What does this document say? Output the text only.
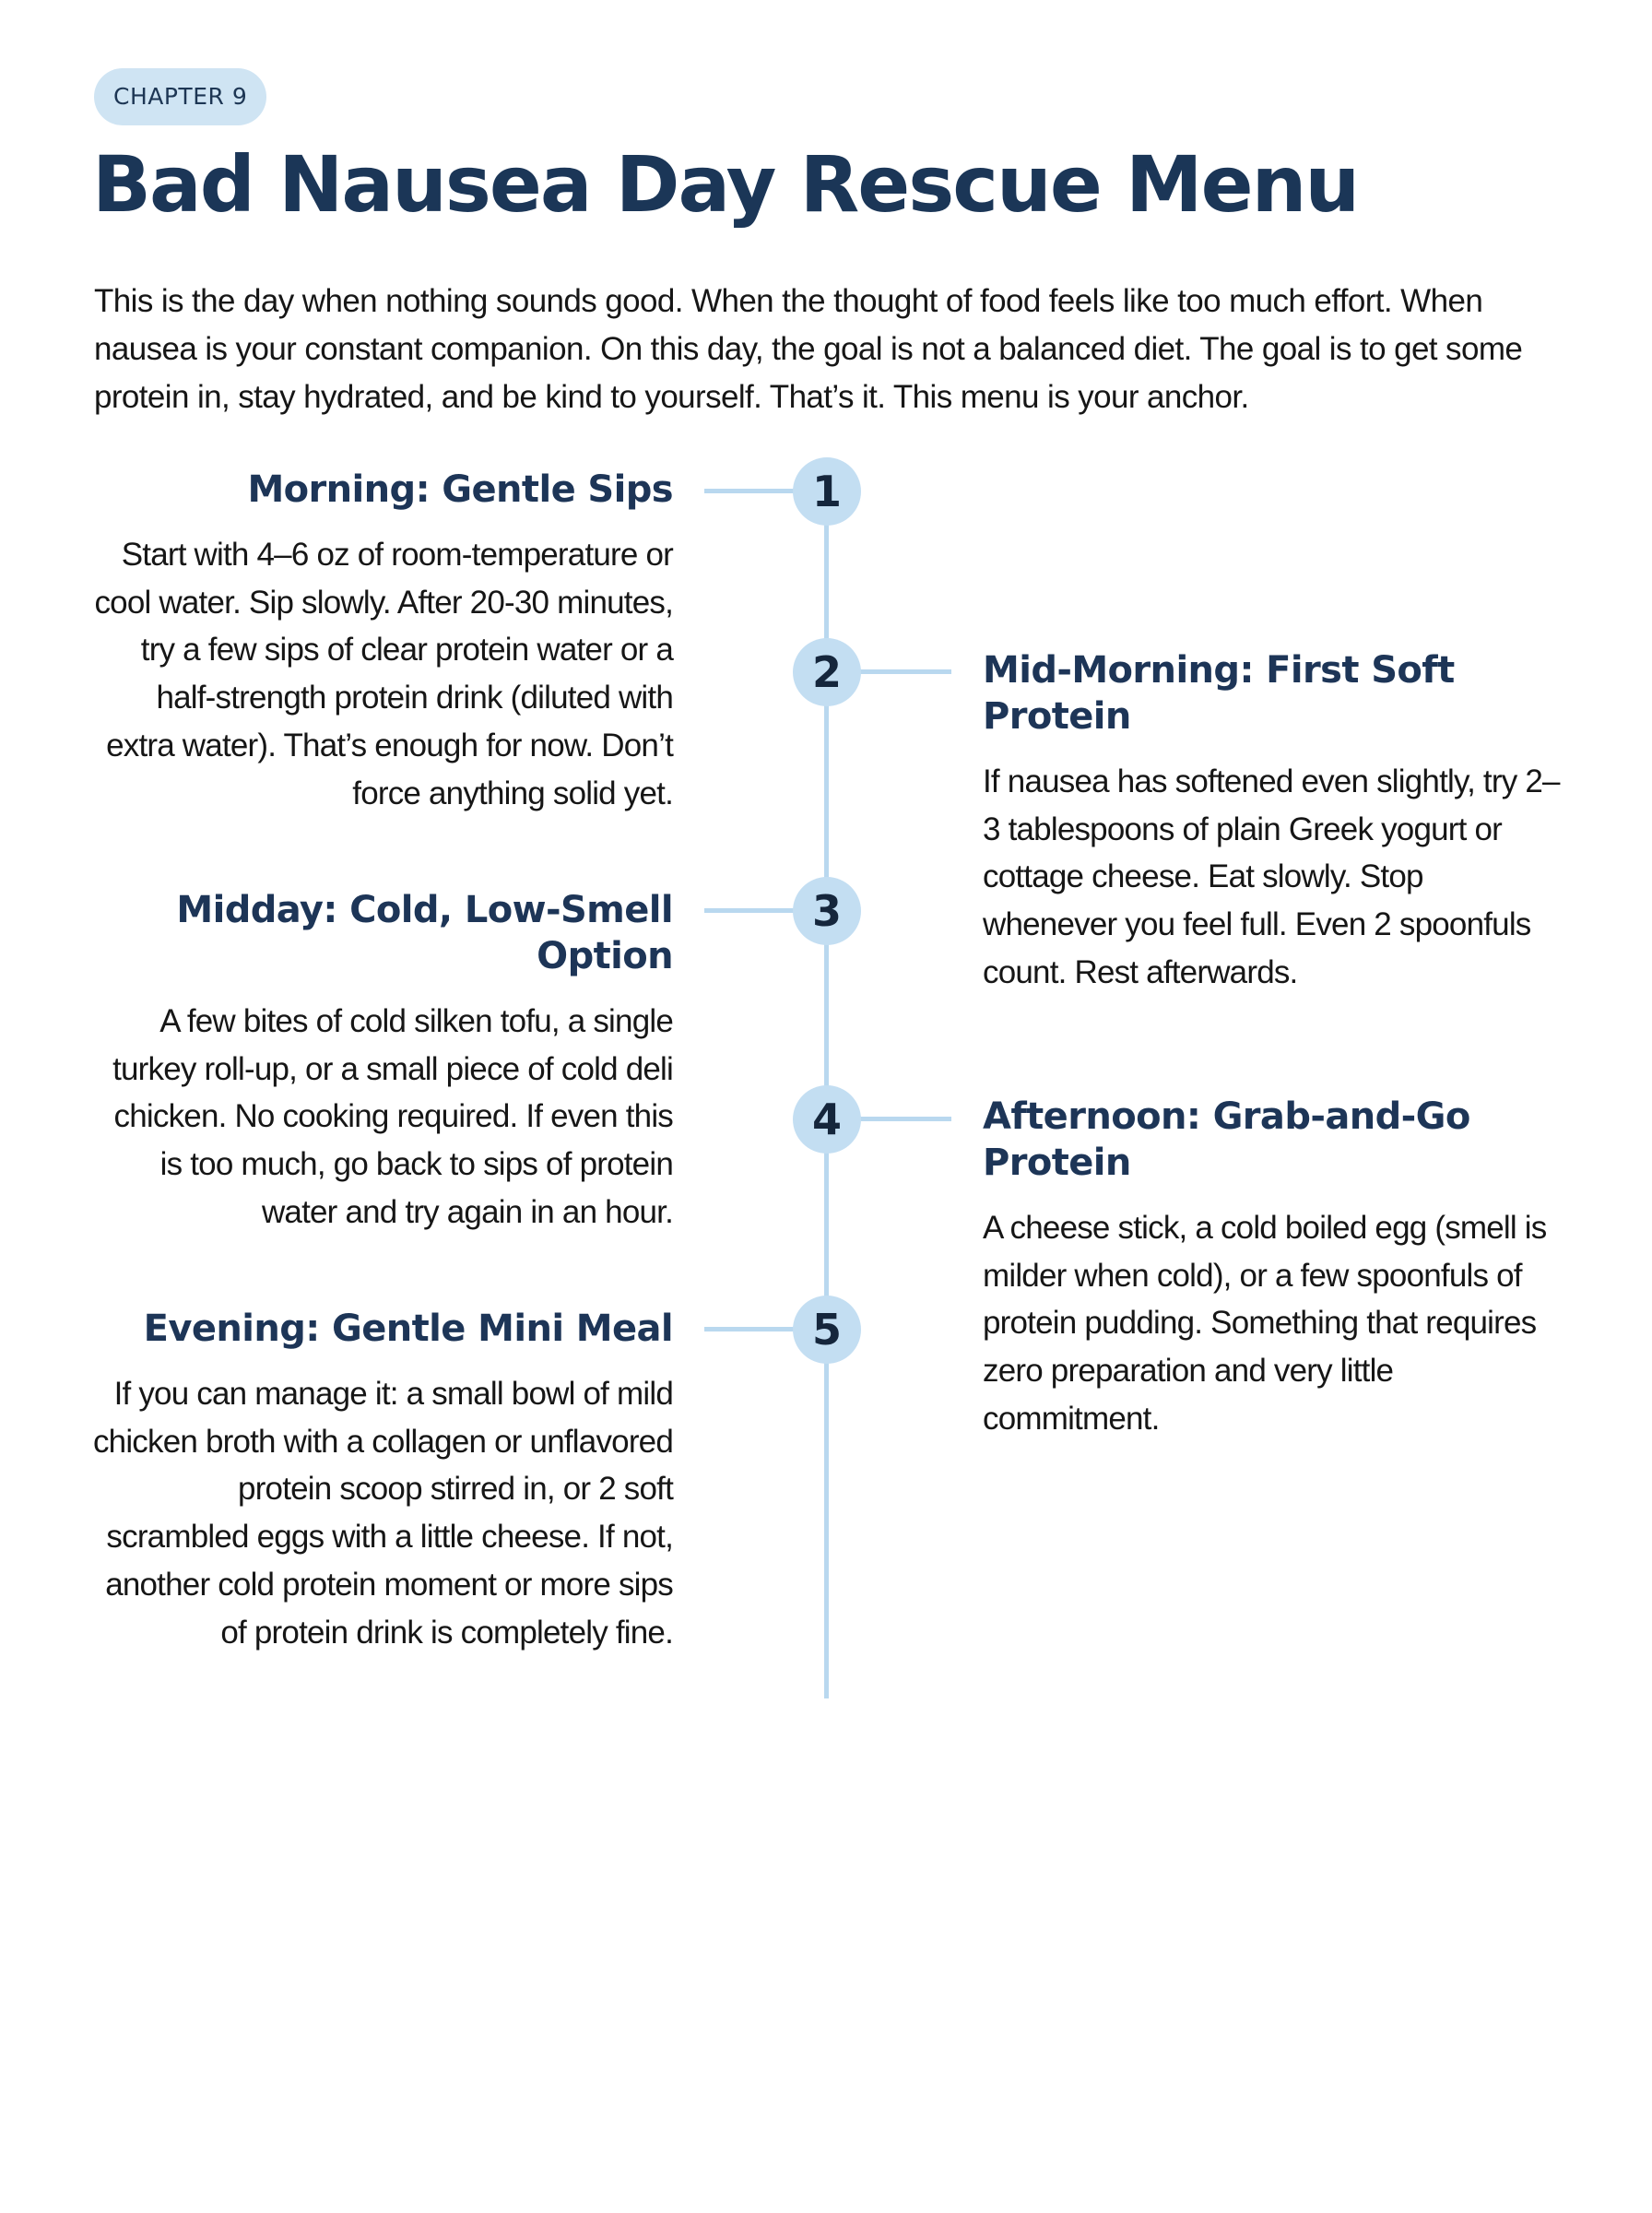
CHAPTER 9
Bad Nausea Day Rescue Menu

This is the day when nothing sounds good. When the thought of food feels like too much effort. When nausea is your constant companion. On this day, the goal is not a balanced diet. The goal is to get some protein in, stay hydrated, and be kind to yourself. That’s it. This menu is your anchor.

1
Morning: Gentle Sips

Start with 4–6 oz of room-temperature or cool water. Sip slowly. After 20-30 minutes, try a few sips of clear protein water or a half-strength protein drink (diluted with extra water). That’s enough for now. Don’t force anything solid yet.

2	Mid-Morning: First Soft Protein

If nausea has softened even slightly, try 2–3 tablespoons of plain Greek yogurt or cottage cheese. Eat slowly. Stop whenever you feel full. Even 2 spoonfuls count. Rest afterwards.

3
Midday: Cold, Low-Smell Option

A few bites of cold silken tofu, a single turkey roll-up, or a small piece of cold deli chicken. No cooking required. If even this is too much, go back to sips of protein water and try again in an hour.

4	Afternoon: Grab-and-Go Protein

A cheese stick, a cold boiled egg (smell is milder when cold), or a few spoonfuls of protein pudding. Something that requires zero preparation and very little commitment.

5
Evening: Gentle Mini Meal

If you can manage it: a small bowl of mild chicken broth with a collagen or unflavored protein scoop stirred in, or 2 soft scrambled eggs with a little cheese. If not, another cold protein moment or more sips of protein drink is completely fine.
